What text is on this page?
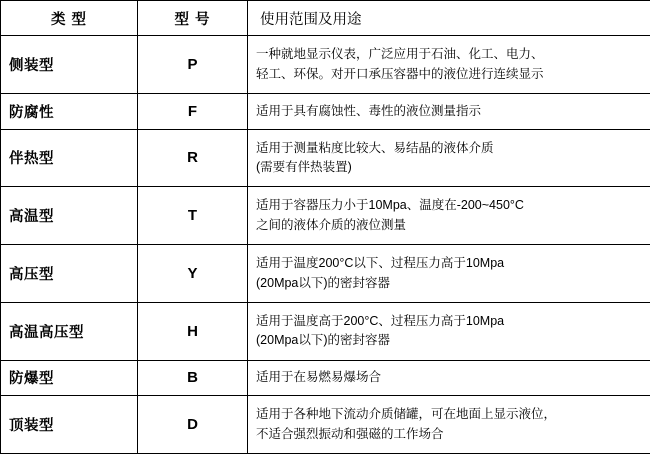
类 型	型 号	使用范围及用途
侧装型	P	一种就地显示仪表，广泛应用于石油、化工、电力、
轻工、环保。对开口承压容器中的液位进行连续显示

防腐性	F	适用于具有腐蚀性、毒性的液位测量指示

伴热型	R	适用于测量粘度比较大、易结晶的液体介质
(需要有伴热装置)

高温型	T	适用于容器压力小于10Mpa、温度在-200~450°C
之间的液体介质的液位测量

高压型	Y	适用于温度200°C以下、过程压力高于10Mpa
(20Mpa以下)的密封容器

高温高压型	H	适用于温度高于200°C、过程压力高于10Mpa
(20Mpa以下)的密封容器

防爆型	B	适用于在易燃易爆场合

顶装型	D	适用于各种地下流动介质储罐，可在地面上显示液位，
不适合强烈振动和强磁的工作场合
